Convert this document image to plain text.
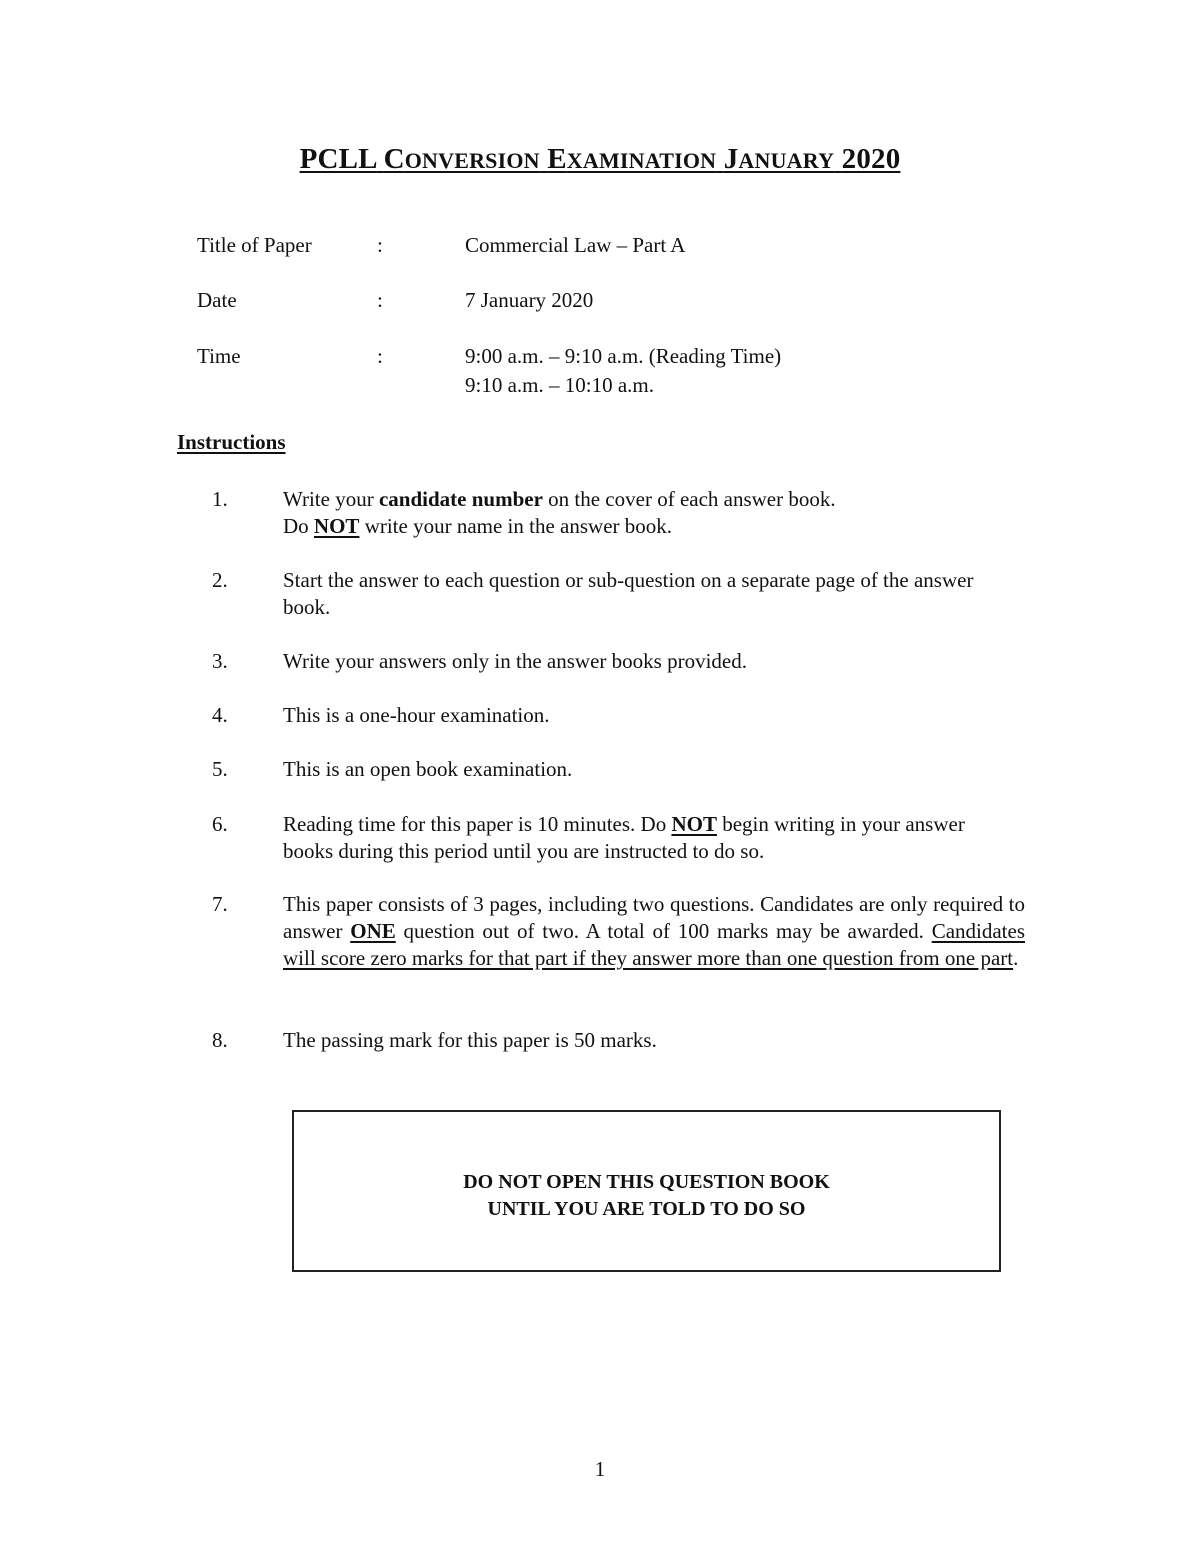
PCLL CONVERSION EXAMINATION JANUARY 2020
Title of Paper	:	Commercial Law – Part A
Date	:	7 January 2020
Time	:	9:00 a.m. – 9:10 a.m. (Reading Time)
9:10 a.m. – 10:10 a.m.
Instructions
1.	Write your candidate number on the cover of each answer book.
Do NOT write your name in the answer book.
2.	Start the answer to each question or sub-question on a separate page of the answer book.
3.	Write your answers only in the answer books provided.
4.	This is a one-hour examination.
5.	This is an open book examination.
6.	Reading time for this paper is 10 minutes. Do NOT begin writing in your answer books during this period until you are instructed to do so.
7.	This paper consists of 3 pages, including two questions. Candidates are only required to answer ONE question out of two. A total of 100 marks may be awarded. Candidates will score zero marks for that part if they answer more than one question from one part.
8.	The passing mark for this paper is 50 marks.
DO NOT OPEN THIS QUESTION BOOK
UNTIL YOU ARE TOLD TO DO SO
1
